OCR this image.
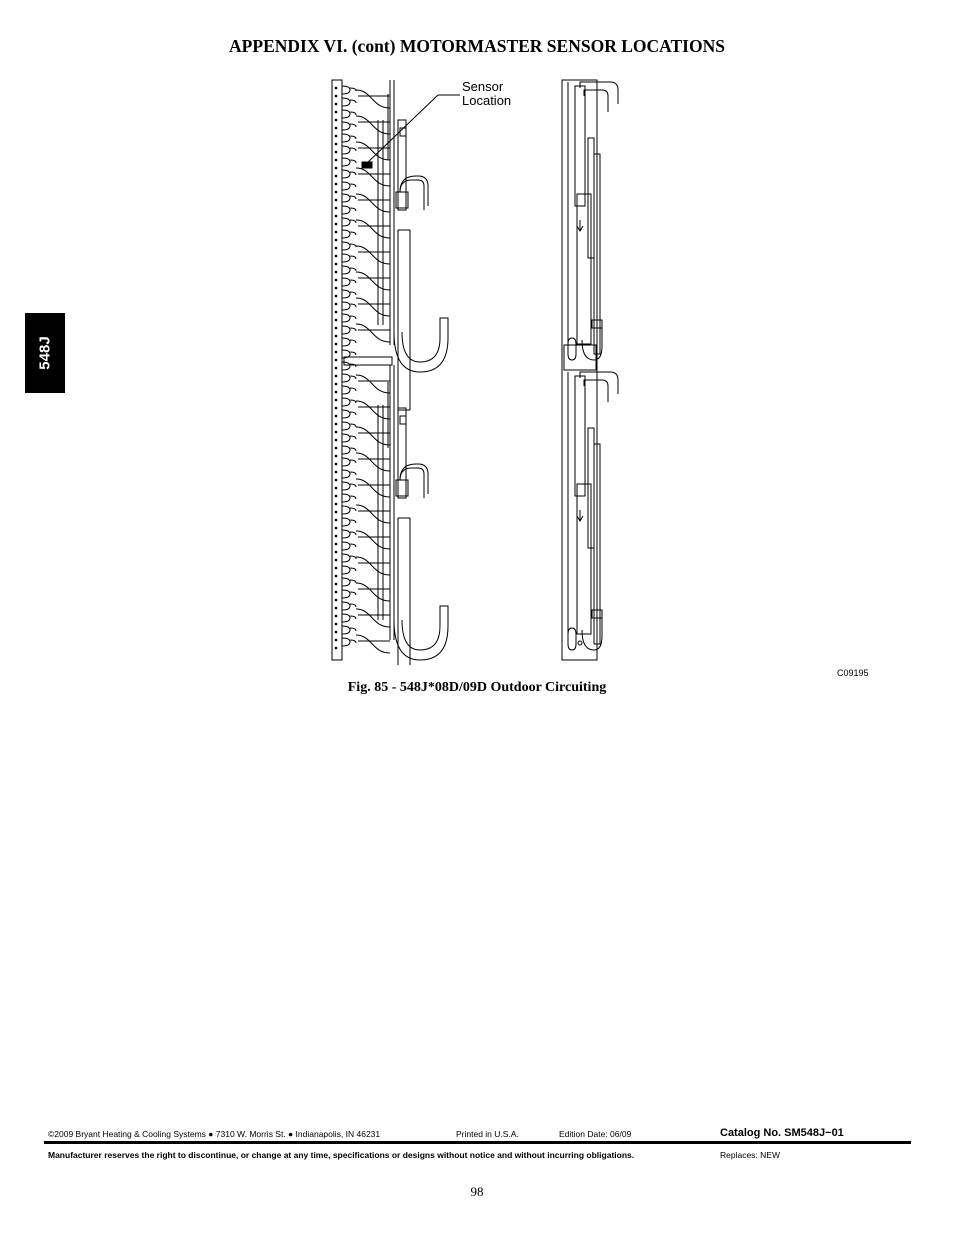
APPENDIX VI. (cont) MOTORMASTER SENSOR LOCATIONS
548J
Sensor
Location
C09195
Fig. 85 - 548J*08D/09D Outdoor Circuiting
©2009 Bryant Heating & Cooling Systems ● 7310 W. Morris St. ● Indianapolis, IN 46231	Printed in U.S.A.	Edition Date: 06/09	Catalog No. SM548J−01
Manufacturer reserves the right to discontinue, or change at any time, specifications or designs without notice and without incurring obligations.	Replaces: NEW
98
